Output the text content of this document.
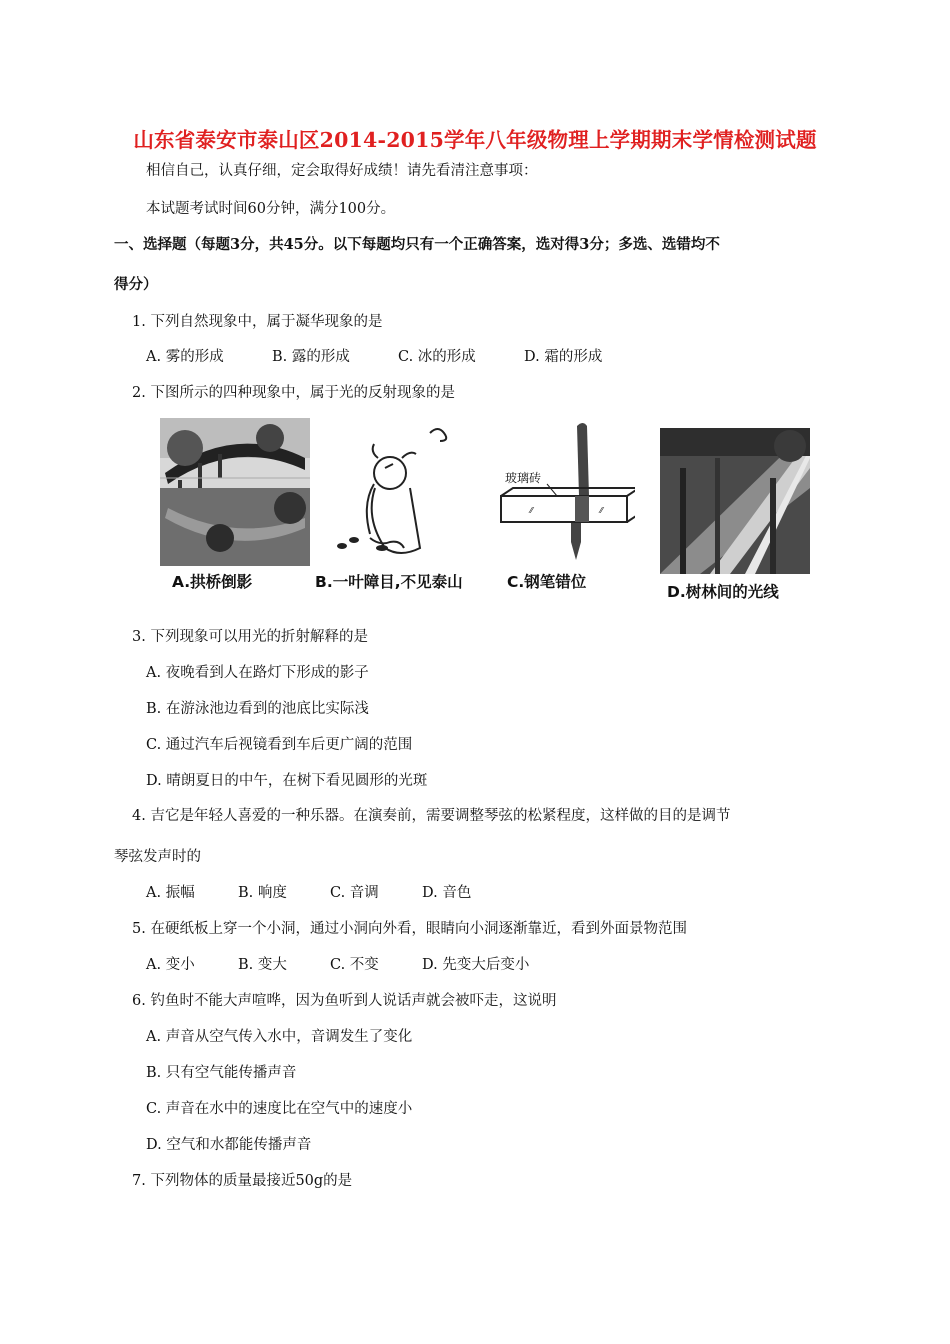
山东省泰安市泰山区2014-2015学年八年级物理上学期期末学情检测试题
相信自己，认真仔细，定会取得好成绩！请先看清注意事项：
本试题考试时间60分钟，满分100分。
一、选择题（每题3分，共45分。以下每题均只有一个正确答案，选对得3分；多选、选错均不
得分）
1. 下列自然现象中，属于凝华现象的是
A. 雾的形成	B. 露的形成	C. 冰的形成	D. 霜的形成
2. 下图所示的四种现象中，属于光的反射现象的是
⁄⁄	⁄⁄
玻璃砖
A.拱桥倒影	B.一叶障目,不见泰山	C.钢笔错位
D.树林间的光线
3. 下列现象可以用光的折射解释的是
A. 夜晚看到人在路灯下形成的影子
B. 在游泳池边看到的池底比实际浅
C. 通过汽车后视镜看到车后更广阔的范围
D. 晴朗夏日的中午，在树下看见圆形的光斑
4. 吉它是年轻人喜爱的一种乐器。在演奏前，需要调整琴弦的松紧程度，这样做的目的是调节
琴弦发声时的
A. 振幅	B. 响度	C. 音调	D. 音色
5. 在硬纸板上穿一个小洞，通过小洞向外看，眼睛向小洞逐渐靠近，看到外面景物范围
A. 变小	B. 变大	C. 不变	D. 先变大后变小
6. 钓鱼时不能大声喧哗，因为鱼听到人说话声就会被吓走，这说明
A. 声音从空气传入水中，音调发生了变化
B. 只有空气能传播声音
C. 声音在水中的速度比在空气中的速度小
D. 空气和水都能传播声音
7. 下列物体的质量最接近50g的是
